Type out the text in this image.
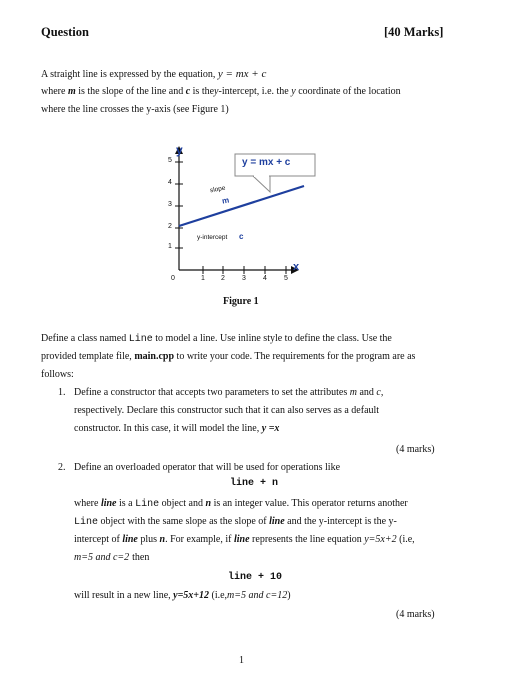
Question	[40 Marks]
A straight line is expressed by the equation, y = mx + c
where m is the slope of the line and c is they-intercept, i.e. the y coordinate of the location
where the line crosses the y-axis (see Figure 1)
y
x
y = mx + c
slope
m
y-intercept c
5
4
3
2
1
0	1 2 3 4 5
Figure 1
Define a class named Line to model a line. Use inline style to define the class. Use the
provided template file, main.cpp to write your code. The requirements for the program are as
follows:
1. Define a constructor that accepts two parameters to set the attributes m and c,
respectively. Declare this constructor such that it can also serves as a default
constructor. In this case, it will model the line, y =x
(4 marks)
2. Define an overloaded operator that will be used for operations like
line + n
where line is a Line object and n is an integer value. This operator returns another
Line object with the same slope as the slope of line and the y-intercept is the y-
intercept of line plus n. For example, if line represents the line equation y=5x+2 (i.e,
m=5 and c=2 then
line + 10
will result in a new line, y=5x+12 (i.e,m=5 and c=12)
(4 marks)
1
